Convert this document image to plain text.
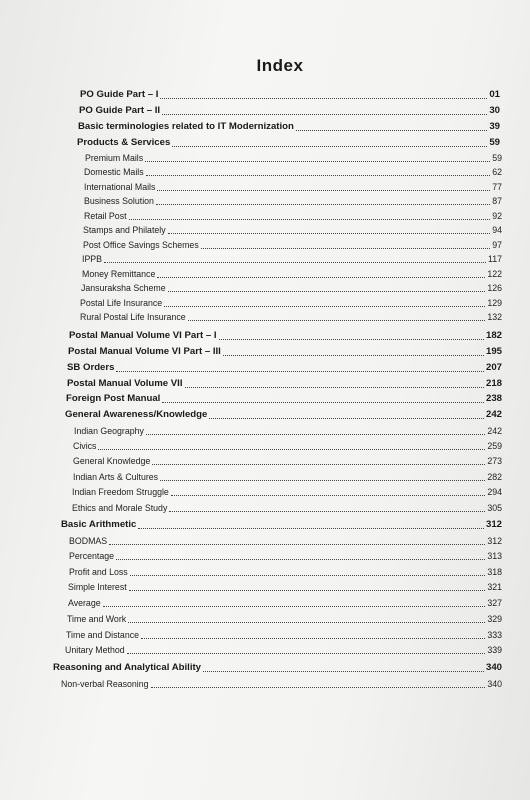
Index
PO Guide Part – I	01
PO Guide Part – II	30
Basic terminologies related to IT Modernization	39
Products & Services	59
Premium Mails	59
Domestic Mails	62
International Mails	77
Business Solution	87
Retail Post	92
Stamps and Philately	94
Post Office Savings Schemes	97
IPPB	117
Money Remittance	122
Jansuraksha Scheme	126
Postal Life Insurance	129
Rural Postal Life Insurance	132
Postal Manual Volume VI Part – I	182
Postal Manual Volume VI Part – III	195
SB Orders	207
Postal Manual Volume VII	218
Foreign Post Manual	238
General Awareness/Knowledge	242
Indian Geography	242
Civics	259
General Knowledge	273
Indian Arts & Cultures	282
Indian Freedom Struggle	294
Ethics and Morale Study	305
Basic Arithmetic	312
BODMAS	312
Percentage	313
Profit and Loss	318
Simple Interest	321
Average	327
Time and Work	329
Time and Distance	333
Unitary Method	339
Reasoning and Analytical Ability	340
Non-verbal Reasoning	340
